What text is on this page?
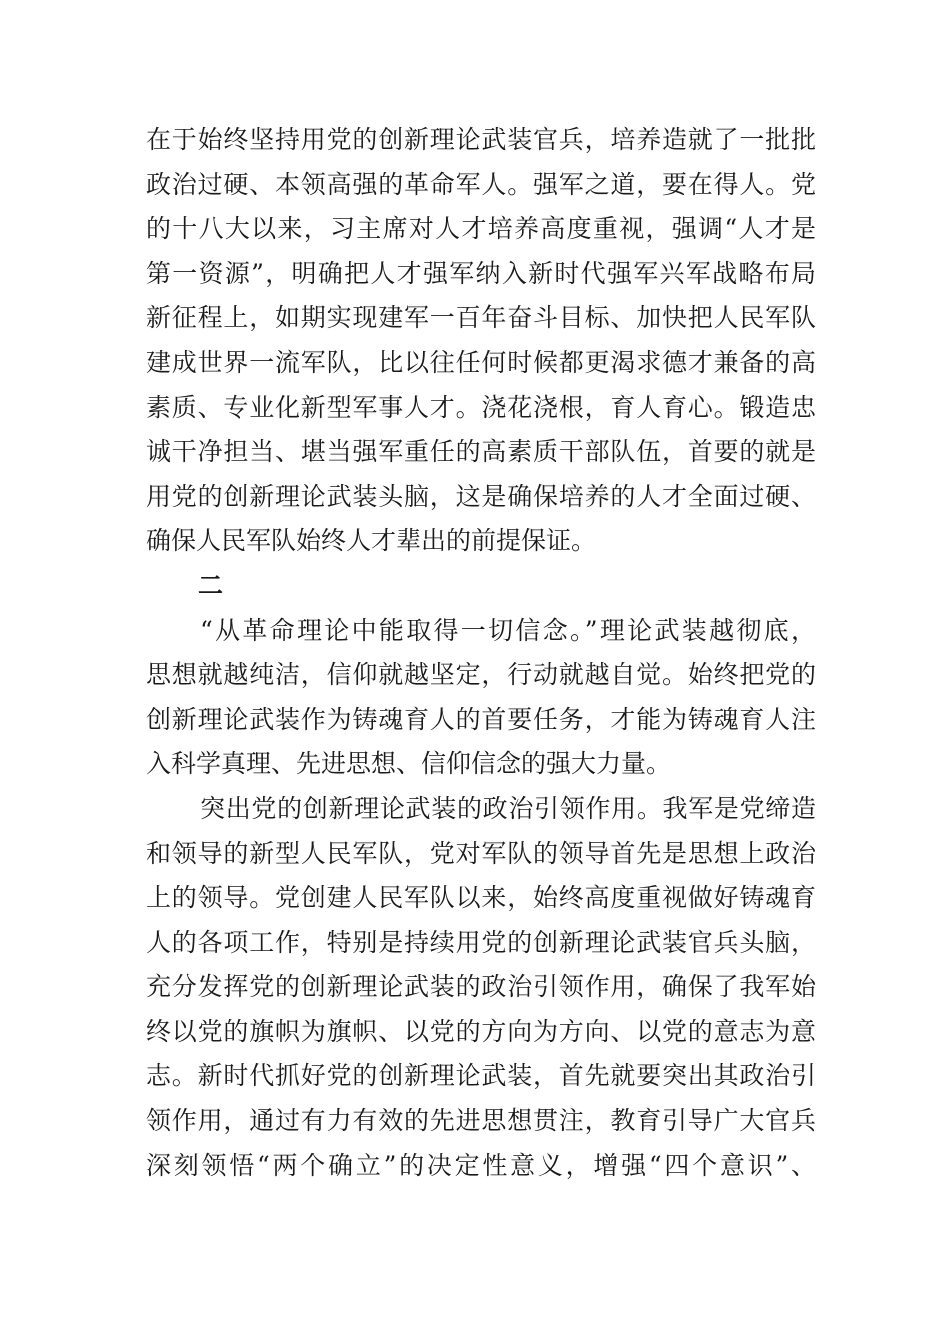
在于始终坚持用党的创新理论武装官兵，培养造就了一批批
政治过硬、本领高强的革命军人。强军之道，要在得人。党
的十八大以来，习主席对人才培养高度重视，强调“人才是
第一资源”，明确把人才强军纳入新时代强军兴军战略布局
新征程上，如期实现建军一百年奋斗目标、加快把人民军队
建成世界一流军队，比以往任何时候都更渴求德才兼备的高
素质、专业化新型军事人才。浇花浇根，育人育心。锻造忠
诚干净担当、堪当强军重任的高素质干部队伍，首要的就是
用党的创新理论武装头脑，这是确保培养的人才全面过硬、
确保人民军队始终人才辈出的前提保证。
二
“从革命理论中能取得一切信念。”理论武装越彻底，
思想就越纯洁，信仰就越坚定，行动就越自觉。始终把党的
创新理论武装作为铸魂育人的首要任务，才能为铸魂育人注
入科学真理、先进思想、信仰信念的强大力量。
突出党的创新理论武装的政治引领作用。我军是党缔造
和领导的新型人民军队，党对军队的领导首先是思想上政治
上的领导。党创建人民军队以来，始终高度重视做好铸魂育
人的各项工作，特别是持续用党的创新理论武装官兵头脑，
充分发挥党的创新理论武装的政治引领作用，确保了我军始
终以党的旗帜为旗帜、以党的方向为方向、以党的意志为意
志。新时代抓好党的创新理论武装，首先就要突出其政治引
领作用，通过有力有效的先进思想贯注，教育引导广大官兵
深刻领悟“两个确立”的决定性意义，增强“四个意识”、
